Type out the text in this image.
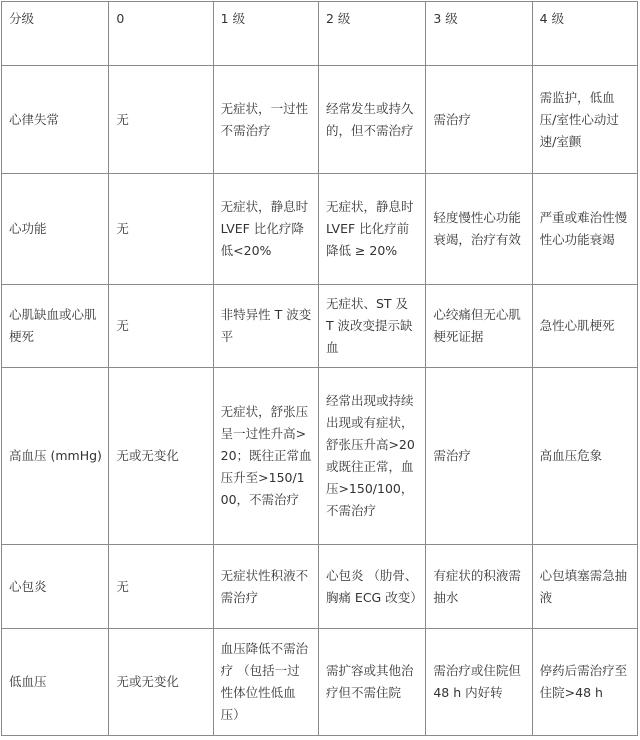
分级	0	1 级	2 级	3 级	4 级
心律失常	无	无症状，一过性不需治疗	经常发生或持久的，但不需治疗	需治疗	需监护，低血压/室性心动过速/室颤
心功能	无	无症状，静息时LVEF 比化疗降低<20%	无症状，静息时LVEF 比化疗前降低 ≥ 20%	轻度慢性心功能衰竭，治疗有效	严重或难治性慢性心功能衰竭
心肌缺血或心肌梗死	无	非特异性 T 波变平	无症状、ST 及 T 波改变提示缺血	心绞痛但无心肌梗死证据	急性心肌梗死
高血压 (mmHg)	无或无变化	无症状，舒张压呈一过性升高>20；既往正常血压升至>150/100，不需治疗	经常出现或持续出现或有症状，舒张压升高>20或既往正常，血压>150/100，不需治疗	需治疗	高血压危象
心包炎	无	无症状性积液不需治疗	心包炎 （肋骨、胸痛 ECG 改变）	有症状的积液需抽水	心包填塞需急抽液
低血压	无或无变化	血压降低不需治疗 （包括一过性体位性低血压）	需扩容或其他治疗但不需住院	需治疗或住院但48 h 内好转	停药后需治疗至住院>48 h
